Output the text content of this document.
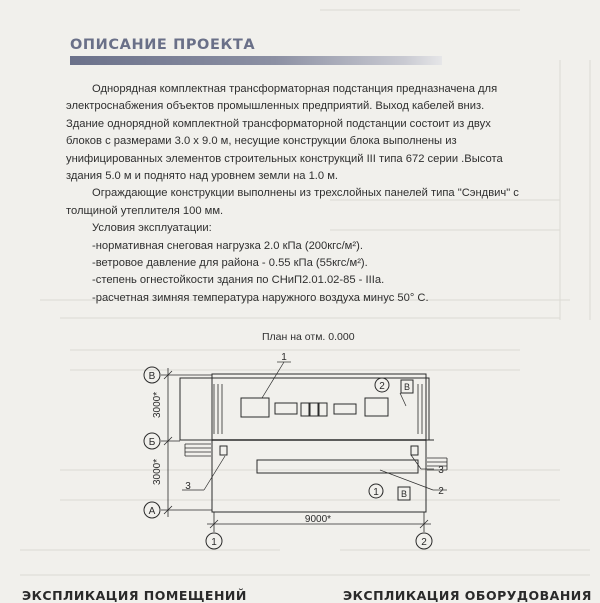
ОПИСАНИЕ ПРОЕКТА

Однорядная комплектная трансформаторная подстанция предназначена для

электроснабжения объектов промышленных предприятий. Выход кабелей вниз.

Здание однорядной комплектной трансформаторной подстанции состоит из двух

блоков с размерами 3.0 х 9.0 м, несущие конструкции блока выполнены из

унифицированных элементов строительных конструкций III типа 672 серии .Высота

здания 5.0 м и поднято над уровнем земли на 1.0 м.

Ограждающие конструкции выполнены из трехслойных панелей типа "Сэндвич" с

толщиной утеплителя 100 мм.

Условия эксплуатации:

-нормативная снеговая нагрузка 2.0 кПа (200кгс/м²).

-ветровое давление для района - 0.55 кПа (55кгс/м²).

-степень огнестойкости здания по СНиП2.01.02-85 - IIIа.

-расчетная зимняя температура наружного воздуха минус 50° С.

План на отм. 0.000
В
Б
А
1	2
3000*
3000*
9000*
1
2
3
3	2
1
В
В
ЭКСПЛИКАЦИЯ ПОМЕЩЕНИЙ	ЭКСПЛИКАЦИЯ ОБОРУДОВАНИЯ
